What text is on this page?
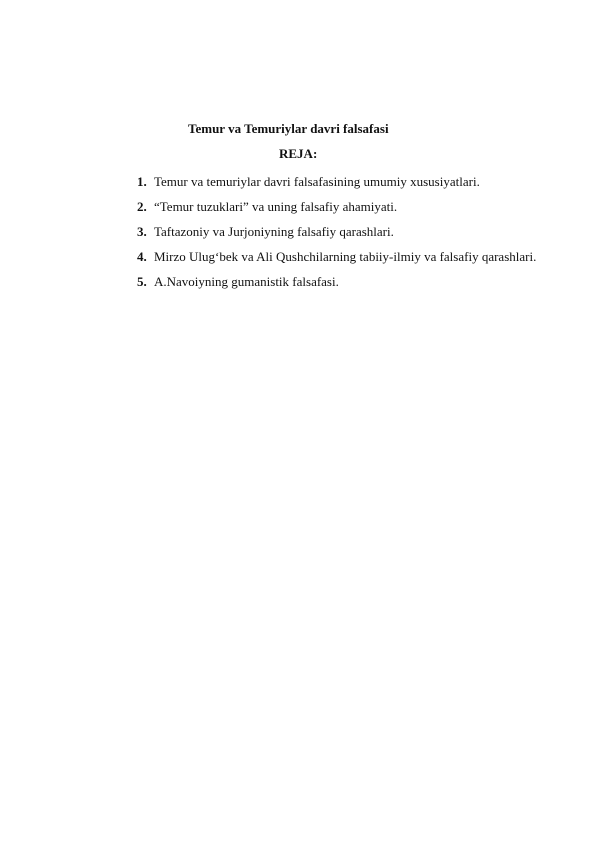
Temur va Temuriylar davri falsafasi
REJA:
1. Temur va temuriylar davri falsafasining umumiy xususiyatlari.
2. “Temur tuzuklari” va uning falsafiy ahamiyati.
3. Taftazoniy va Jurjoniyning falsafiy qarashlari.
4. Mirzo Ulug‘bek va Ali Qushchilarning tabiiy-ilmiy va falsafiy qarashlari.
5. A.Navoiyning gumanistik falsafasi.
